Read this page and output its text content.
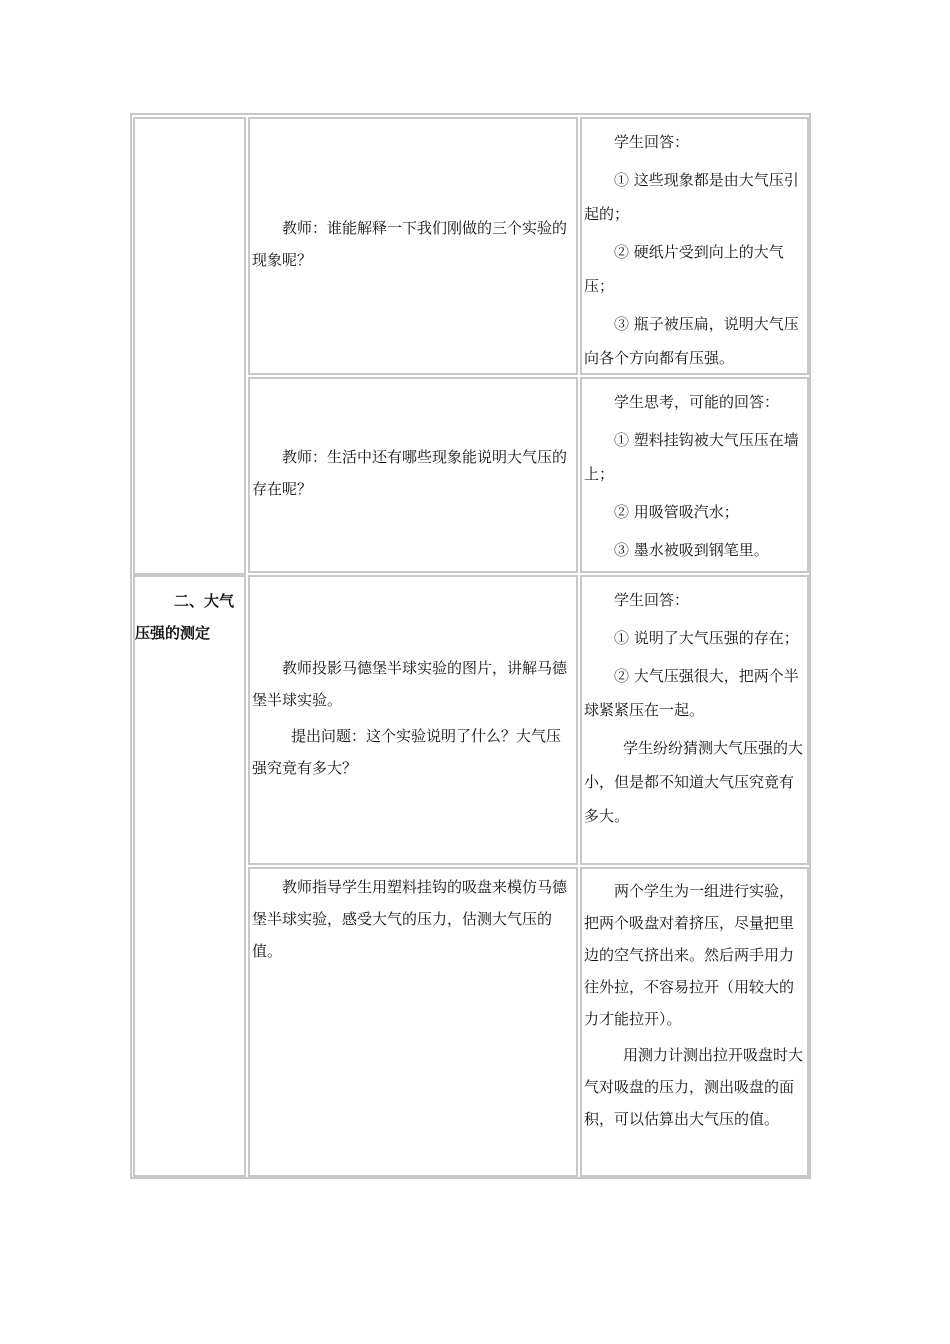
二、大气压强的测定

教师：谁能解释一下我们刚做的三个实验的现象呢？

学生回答：

① 这些现象都是由大气压引起的；

② 硬纸片受到向上的大气压；

③ 瓶子被压扁，说明大气压向各个方向都有压强。

教师：生活中还有哪些现象能说明大气压的存在呢？

学生思考，可能的回答：

① 塑料挂钩被大气压压在墙上；

② 用吸管吸汽水；

③ 墨水被吸到钢笔里。

教师投影马德堡半球实验的图片，讲解马德堡半球实验。

提出问题：这个实验说明了什么？大气压强究竟有多大？

学生回答：

① 说明了大气压强的存在；

② 大气压强很大，把两个半球紧紧压在一起。

学生纷纷猜测大气压强的大小，但是都不知道大气压究竟有多大。

教师指导学生用塑料挂钩的吸盘来模仿马德堡半球实验，感受大气的压力，估测大气压的值。

两个学生为一组进行实验，把两个吸盘对着挤压，尽量把里边的空气挤出来。然后两手用力往外拉，不容易拉开（用较大的力才能拉开）。

用测力计测出拉开吸盘时大气对吸盘的压力，测出吸盘的面积，可以估算出大气压的值。
